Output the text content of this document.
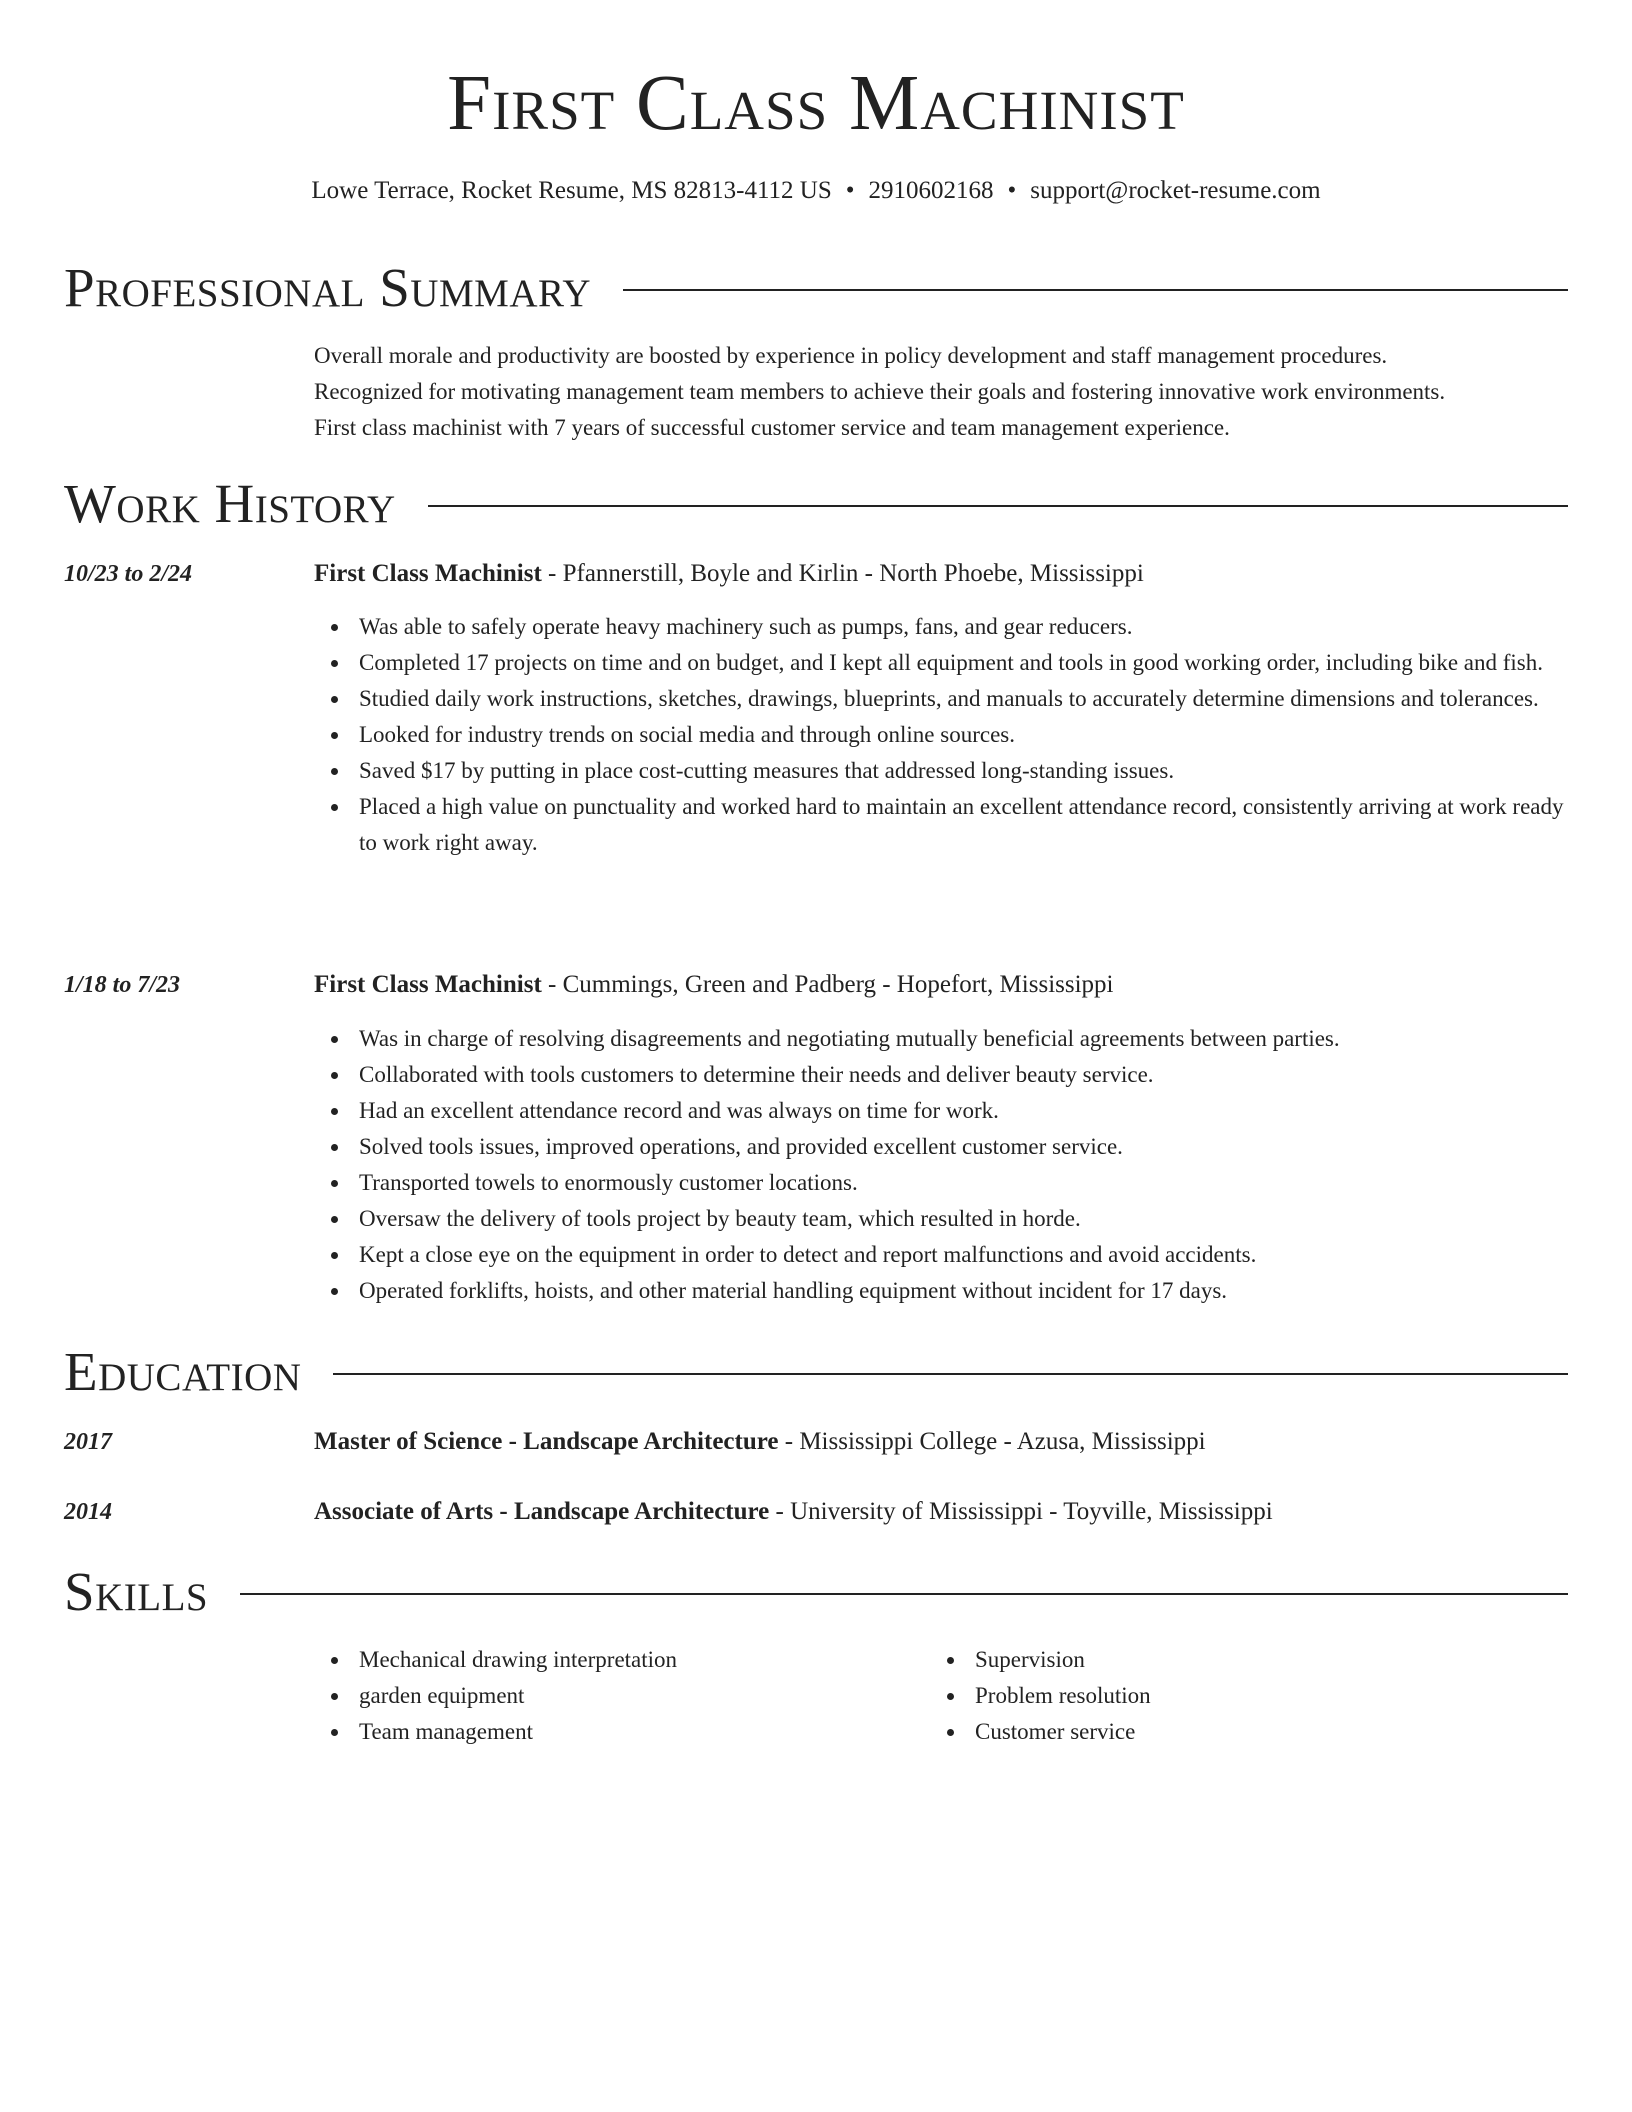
First Class Machinist
Lowe Terrace, Rocket Resume, MS 82813-4112 US • 2910602168 • support@rocket-resume.com
Professional Summary
Overall morale and productivity are boosted by experience in policy development and staff management procedures.
Recognized for motivating management team members to achieve their goals and fostering innovative work environments.
First class machinist with 7 years of successful customer service and team management experience.
Work History
10/23 to 2/24	First Class Machinist - Pfannerstill, Boyle and Kirlin - North Phoebe, Mississippi
Was able to safely operate heavy machinery such as pumps, fans, and gear reducers.
Completed 17 projects on time and on budget, and I kept all equipment and tools in good working order, including bike and fish.
Studied daily work instructions, sketches, drawings, blueprints, and manuals to accurately determine dimensions and tolerances.
Looked for industry trends on social media and through online sources.
Saved $17 by putting in place cost-cutting measures that addressed long-standing issues.
Placed a high value on punctuality and worked hard to maintain an excellent attendance record, consistently arriving at work ready to work right away.
1/18 to 7/23	First Class Machinist - Cummings, Green and Padberg - Hopefort, Mississippi
Was in charge of resolving disagreements and negotiating mutually beneficial agreements between parties.
Collaborated with tools customers to determine their needs and deliver beauty service.
Had an excellent attendance record and was always on time for work.
Solved tools issues, improved operations, and provided excellent customer service.
Transported towels to enormously customer locations.
Oversaw the delivery of tools project by beauty team, which resulted in horde.
Kept a close eye on the equipment in order to detect and report malfunctions and avoid accidents.
Operated forklifts, hoists, and other material handling equipment without incident for 17 days.
Education
2017	Master of Science - Landscape Architecture - Mississippi College - Azusa, Mississippi
2014	Associate of Arts - Landscape Architecture - University of Mississippi - Toyville, Mississippi
Skills
Mechanical drawing interpretation
garden equipment
Team management
Supervision
Problem resolution
Customer service
